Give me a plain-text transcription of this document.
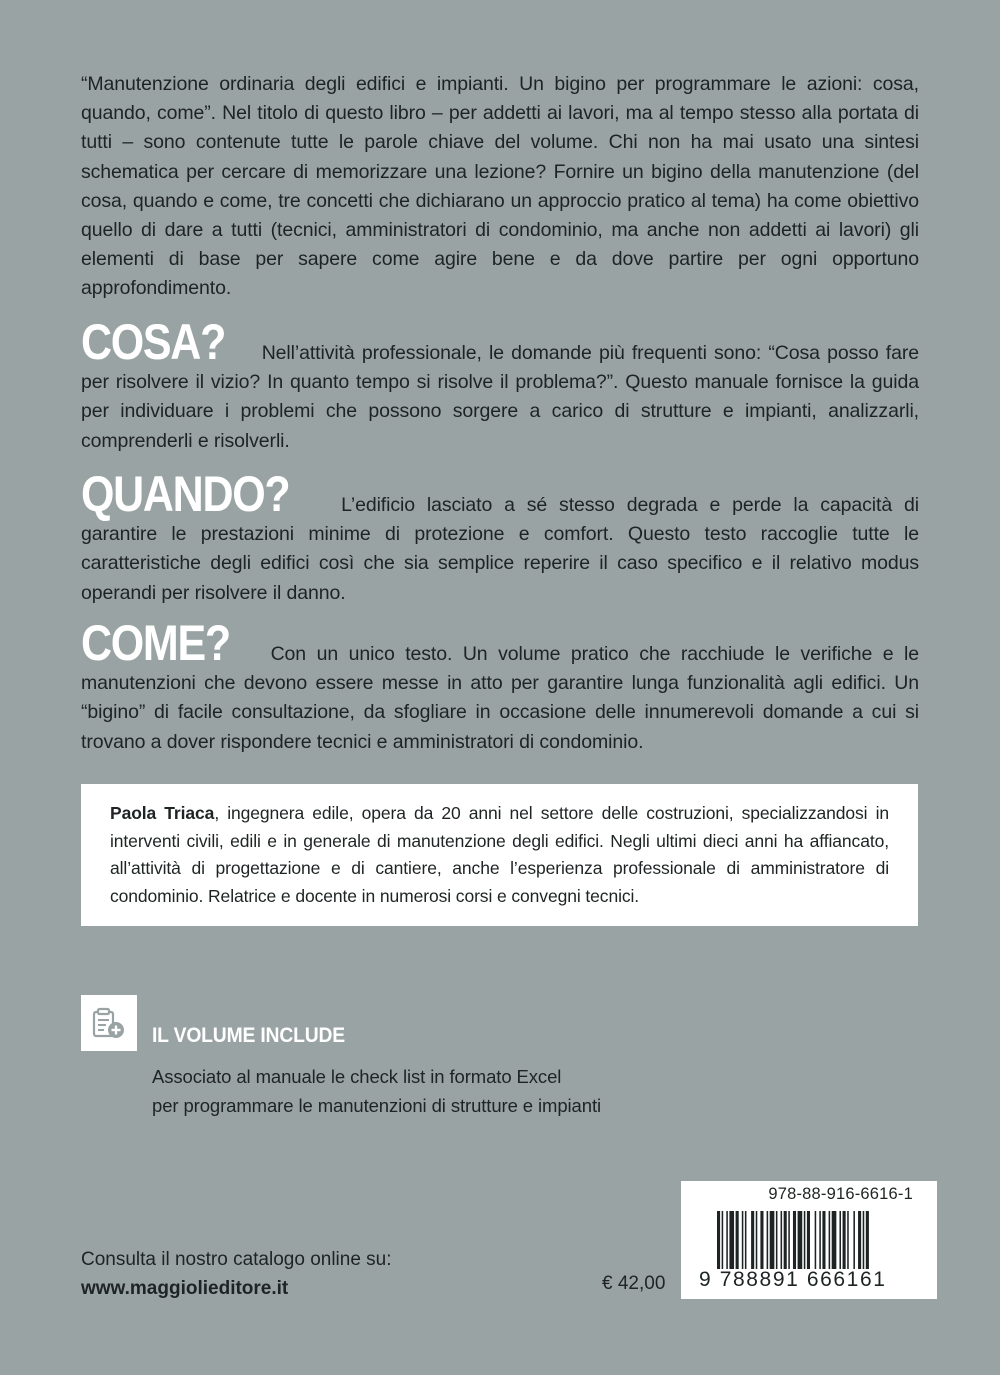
“Manutenzione ordinaria degli edifici e impianti. Un bigino per programmare le azioni: cosa, quando, come”. Nel titolo di questo libro – per addetti ai lavori, ma al tempo stesso alla portata di tutti – sono contenute tutte le parole chiave del volume. Chi non ha mai usato una sintesi schematica per cercare di memorizzare una lezione? Fornire un bigino della manutenzione (del cosa, quando e come, tre concetti che dichiarano un approccio pratico al tema) ha come obiettivo quello di dare a tutti (tecnici, amministratori di condominio, ma anche non addetti ai lavori) gli elementi di base per sapere come agire bene e da dove partire per ogni opportuno approfondimento.
COSA? Nell’attività professionale, le domande più frequenti sono: “Cosa posso fare per risolvere il vizio? In quanto tempo si risolve il problema?”. Questo manuale fornisce la guida per individuare i problemi che possono sorgere a carico di strutture e impianti, analizzarli, comprenderli e risolverli.
QUANDO?	L’edificio lasciato a sé stesso degrada e perde la capacità di garantire le prestazioni minime di protezione e comfort. Questo testo raccoglie tutte le caratteristiche degli edifici così che sia semplice reperire il caso specifico e il relativo modus operandi per risolvere il danno.
COME? Con un unico testo. Un volume pratico che racchiude le verifiche e le manutenzioni che devono essere messe in atto per garantire lunga funzionalità agli edifici. Un “bigino” di facile consultazione, da sfogliare in occasione delle innumerevoli domande a cui si trovano a dover rispondere tecnici e amministratori di condominio.
Paola Triaca, ingegnera edile, opera da 20 anni nel settore delle costruzioni, specializzandosi in interventi civili, edili e in generale di manutenzione degli edifici. Negli ultimi dieci anni ha affiancato, all’attività di progettazione e di cantiere, anche l’esperienza professionale di amministratore di condominio. Relatrice e docente in numerosi corsi e convegni tecnici.
IL VOLUME INCLUDE
Associato al manuale le check list in formato Excel
per programmare le manutenzioni di strutture e impianti
Consulta il nostro catalogo online su:
www.maggiolieditore.it	€ 42,00
978-88-916-6616-1
9 788891 666161
